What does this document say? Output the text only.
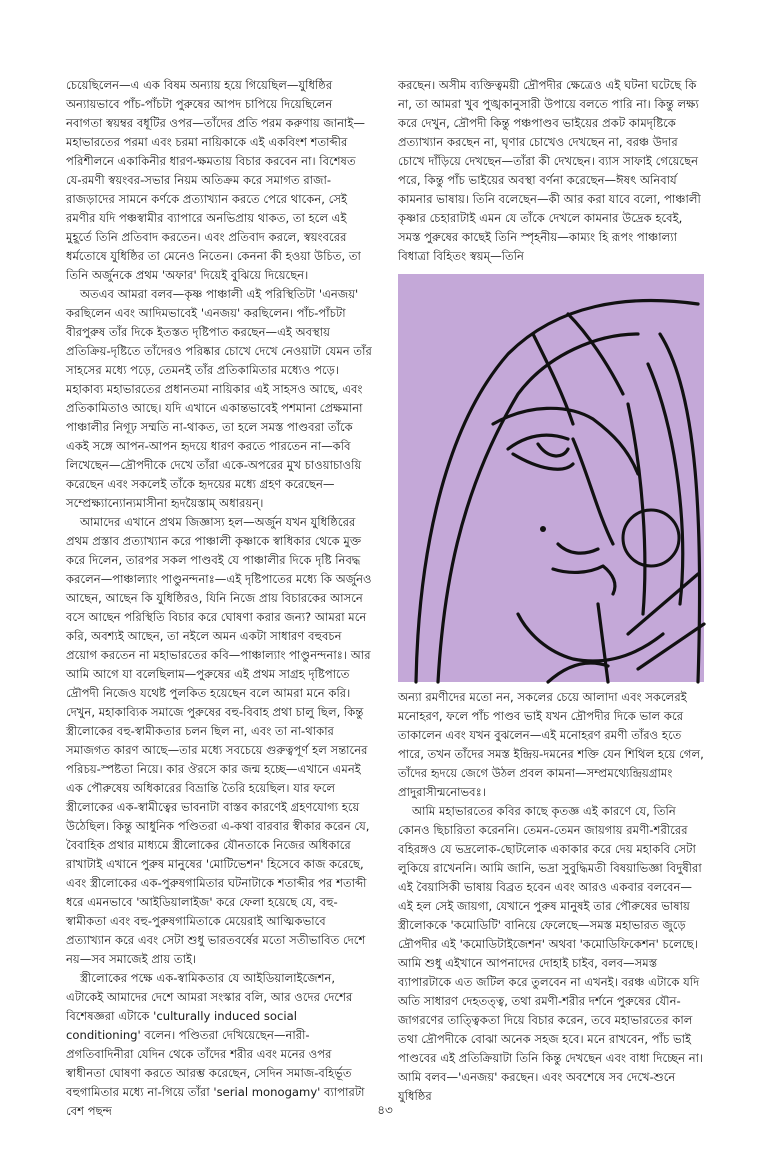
চেয়েছিলেন—এ এক বিষম অন্যায় হয়ে গিয়েছিল—যুধিষ্ঠির অন্যায়ভাবে পাঁচ-পাঁচটা পুরুষের আপদ চাপিয়ে দিয়েছিলেন নবাগতা স্বয়ম্বর বধূটির ওপর—তাঁদের প্রতি পরম করুণায় জানাই—মহাভারতের পরমা এবং চরমা নায়িকাকে এই একবিংশ শতাব্দীর পরিশীলনে একাকিনীর ধারণ-ক্ষমতায় বিচার করবেন না। বিশেষত যে-রমণী স্বয়ংবর-সভার নিয়ম অতিক্রম করে সমাগত রাজা-রাজড়াদের সামনে কর্ণকে প্রত্যাখ্যান করতে পেরে থাকেন, সেই রমণীর যদি পঞ্চস্বামীর ব্যাপারে অনভিপ্রায় থাকত, তা হলে এই মুহূর্তে তিনি প্রতিবাদ করতেন। এবং প্রতিবাদ করলে, স্বয়ংবরের ধর্মতোষে যুধিষ্ঠির তা মেনেও নিতেন। কেননা কী হওয়া উচিত, তা তিনি অর্জুনকে প্রথম 'অফার' দিয়েই বুঝিয়ে দিয়েছেন।

অতএব আমরা বলব—কৃষ্ণ পাঞ্চালী এই পরিস্থিতিটা 'এনজয়' করছিলেন এবং আদিমভাবেই 'এনজয়' করছিলেন। পাঁচ-পাঁচটা বীরপুরুষ তাঁর দিকে ইতস্তত দৃষ্টিপাত করছেন—এই অবস্থায় প্রতিক্রিয়-দৃষ্টিতে তাঁদেরও পরিষ্কার চোখে দেখে নেওয়াটা যেমন তাঁর সাহসের মধ্যে পড়ে, তেমনই তাঁর প্রতিকামিতার মধ্যেও পড়ে। মহাকাব্য মহাভারতের প্রধানতমা নায়িকার এই সাহসও আছে, এবং প্রতিকামিতাও আছে। যদি এখানে একান্তভাবেই পশমানা প্রেক্ষমানা পাঞ্চালীর নিগূঢ় সম্মতি না-থাকত, তা হলে সমস্ত পাণ্ডবরা তাঁকে একই সঙ্গে আপন-আপন হৃদয়ে ধারণ করতে পারতেন না—কবি লিখেছেন—দ্রৌপদীকে দেখে তাঁরা একে-অপরের মুখ চাওয়াচাওয়ি করেছেন এবং সকলেই তাঁকে হৃদয়ের মধ্যে গ্রহণ করেছেন—সম্প্রেক্ষ্যান্যোন্যমাসীনা হৃদয়ৈস্তাম্ অধারয়ন্।

আমাদের এখানে প্রথম জিজ্ঞাস্য হল—অর্জুন যখন যুধিষ্ঠিরের প্রথম প্রস্তাব প্রত্যাখ্যান করে পাঞ্চালী কৃষ্ণাকে স্বাধিকার থেকে মুক্ত করে দিলেন, তারপর সকল পাণ্ডবই যে পাঞ্চালীর দিকে দৃষ্টি নিবদ্ধ করলেন—পাঞ্চাল্যাং পাণ্ডুনন্দনাঃ—এই দৃষ্টিপাতের মধ্যে কি অর্জুনও আছেন, আছেন কি যুধিষ্ঠিরও, যিনি নিজে প্রায় বিচারকের আসনে বসে আছেন পরিস্থিতি বিচার করে ঘোষণা করার জন্য? আমরা মনে করি, অবশ্যই আছেন, তা নইলে অমন একটা সাধারণ বহুবচন প্রয়োগ করতেন না মহাভারতের কবি—পাঞ্চাল্যাং পাণ্ডুনন্দনাঃ। আর আমি আগে যা বলেছিলাম—পুরুষের এই প্রথম সাগ্রহ দৃষ্টিপাতে দ্রৌপদী নিজেও যথেষ্ট পুলকিত হয়েছেন বলে আমরা মনে করি। দেখুন, মহাকাব্যিক সমাজে পুরুষের বহু-বিবাহ প্রথা চালু ছিল, কিন্তু স্ত্রীলোকের বহু-স্বামীকতার চলন ছিল না, এবং তা না-থাকার সমাজগত কারণ আছে—তার মধ্যে সবচেয়ে গুরুত্বপূর্ণ হল সন্তানের পরিচয়-স্পষ্টতা নিয়ে। কার ঔরসে কার জন্ম হচ্ছে—এখানে এমনই এক পৌরুষেয় অধিকারের বিভ্রান্তি তৈরি হয়েছিল। যার ফলে স্ত্রীলোকের এক-স্বামীত্বের ভাবনাটা বাস্তব কারণেই গ্রহণযোগ্য হয়ে উঠেছিল। কিন্তু আধুনিক পণ্ডিতরা এ-কথা বারবার স্বীকার করেন যে, বৈবাহিক প্রথার মাধ্যমে স্ত্রীলোকের যৌনতাকে নিজের অধিকারে রাখাটাই এখানে পুরুষ মানুষের 'মোটিভেশন' হিসেবে কাজ করেছে, এবং স্ত্রীলোকের এক-পুরুষগামিতার ঘটনাটাকে শতাব্দীর পর শতাব্দী ধরে এমনভাবে 'আইডিয়ালাইজ' করে ফেলা হয়েছে যে, বহু-স্বামীকতা এবং বহু-পুরুষগামিতাকে মেয়েরাই আত্মিকভাবে প্রত্যাখ্যান করে এবং সেটা শুধু ভারতবর্ষের মতো সতীভাবিত দেশে নয়—সব সমাজেই প্রায় তাই।

স্ত্রীলোকের পক্ষে এক-স্বামিকতার যে আইডিয়ালাইজেশন, এটাকেই আমাদের দেশে আমরা সংস্কার বলি, আর ওদের দেশের বিশেষজ্ঞরা এটাকে 'culturally induced social conditioning' বলেন। পণ্ডিতরা দেখিয়েছেন—নারী-প্রগতিবাদিনীরা যেদিন থেকে তাঁদের শরীর এবং মনের ওপর স্বাধীনতা ঘোষণা করতে আরম্ভ করেছেন, সেদিন সমাজ-বহির্ভূত বহুগামিতার মধ্যে না-গিয়ে তাঁরা 'serial monogamy' ব্যাপারটা বেশ পছন্দ

করছেন। অসীম ব্যক্তিত্বময়ী দ্রৌপদীর ক্ষেত্রেও এই ঘটনা ঘটেছে কি না, তা আমরা খুব পুঙ্খকানুসারী উপায়ে বলতে পারি না। কিন্তু লক্ষ্য করে দেখুন, দ্রৌপদী কিন্তু পঞ্চপাণ্ডব ভাইয়ের প্রকট কামদৃষ্টিকে প্রত্যাখ্যান করছেন না, ঘৃণার চোখেও দেখছেন না, বরঞ্চ উদার চোখে দাঁড়িয়ে দেখছেন—তাঁরা কী দেখছেন। ব্যাস সাফাই গেয়েছেন পরে, কিন্তু পাঁচ ভাইয়ের অবস্থা বর্ণনা করেছেন—ঈষৎ অনিবার্য কামনার ভাষায়। তিনি বলেছেন—কী আর করা যাবে বলো, পাঞ্চালী কৃষ্ণার চেহারাটাই এমন যে তাঁকে দেখলে কামনার উদ্রেক হবেই, সমস্ত পুরুষের কাছেই তিনি স্পৃহনীয়—কাম্যং হি রূপং পাঞ্চাল্যা বিধাত্রা বিহিতং স্বয়ম্—তিনি

অন্যা রমণীদের মতো নন, সকলের চেয়ে আলাদা এবং সকলেরই মনোহরণ, ফলে পাঁচ পাণ্ডব ভাই যখন দ্রৌপদীর দিকে ভাল করে তাকালেন এবং যখন বুঝলেন—এই মনোহরণ রমণী তাঁরও হতে পারে, তখন তাঁদের সমস্ত ইন্দ্রিয়-দমনের শক্তি যেন শিথিল হয়ে গেল, তাঁদের হৃদয়ে জেগে উঠল প্রবল কামনা—সম্প্রমথ্যেন্দ্রিয়গ্রামং প্রাদুরাসীন্মনোভবঃ।

আমি মহাভারতের কবির কাছে কৃতজ্ঞ এই কারণে যে, তিনি কোনও ছিচারিতা করেননি। তেমন-তেমন জায়গায় রমণী-শরীরের বহিরঙ্গও যে ভদ্রলোক-ছোটলোক একাকার করে দেয় মহাকবি সেটা লুকিয়ে রাখেননি। আমি জানি, ভদ্রা সুবুদ্ধিমতী বিষয়াভিজ্ঞা বিদুষীরা এই বৈয়াসিকী ভাষায় বিব্রত হবেন এবং আরও একবার বলবেন—এই হল সেই জায়গা, যেখানে পুরুষ মানুষই তার পৌরুষের ভাষায় স্ত্রীলোককে 'কমোডিটি' বানিয়ে ফেলেছে—সমস্ত মহাভারত জুড়ে দ্রৌপদীর এই 'কমোডিটাইজেশন' অথবা 'কমোডিফিকেশন' চলেছে। আমি শুধু এইখানে আপনাদের দোহাই চাইব, বলব—সমস্ত ব্যাপারটাকে এত জটিল করে তুলবেন না এখনই। বরঞ্চ এটাকে যদি অতি সাধারণ দেহতত্ত্ব, তথা রমণী-শরীর দর্শনে পুরুষের যৌন-জাগরণের তাত্ত্বিকতা দিয়ে বিচার করেন, তবে মহাভারতের কাল তথা দ্রৌপদীকে বোঝা অনেক সহজ হবে। মনে রাখবেন, পাঁচ ভাই পাণ্ডবের এই প্রতিক্রিয়াটা তিনি কিন্তু দেখছেন এবং বাধা দিচ্ছেন না। আমি বলব—'এনজয়' করছেন। এবং অবশেষে সব দেখে-শুনে যুধিষ্ঠির

৪৩
